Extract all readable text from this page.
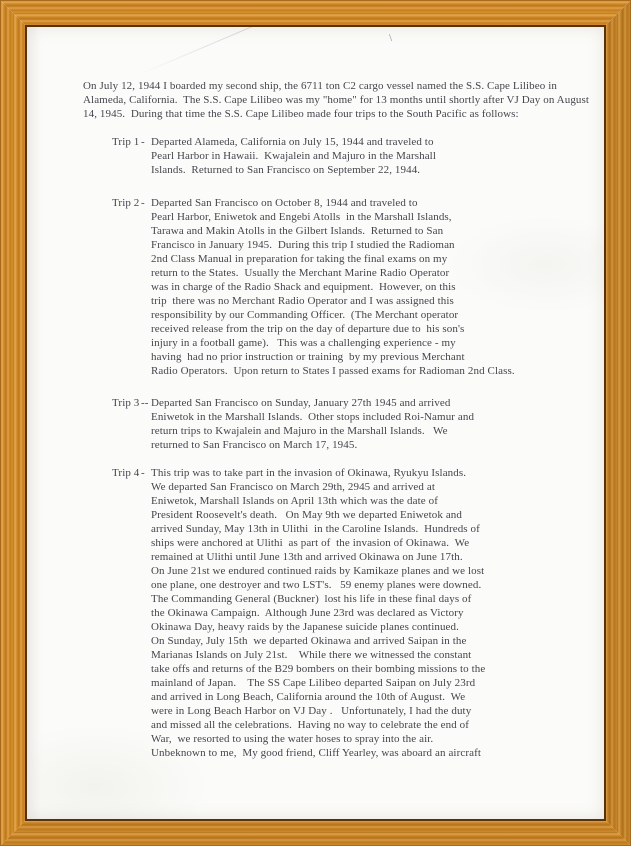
\
On July 12, 1944 I boarded my second ship, the 6711 ton C2 cargo vessel named the S.S. Cape Lilibeo in
Alameda, California.  The S.S. Cape Lilibeo was my "home" for 13 months until shortly after VJ Day on August
14, 1945.  During that time the S.S. Cape Lilibeo made four trips to the South Pacific as follows:
Trip 1 - Departed Alameda, California on July 15, 1944 and traveled to
Pearl Harbor in Hawaii.  Kwajalein and Majuro in the Marshall
Islands.  Returned to San Francisco on September 22, 1944.
Trip 2 - Departed San Francisco on October 8, 1944 and traveled to
Pearl Harbor, Eniwetok and Engebi Atolls  in the Marshall Islands,
Tarawa and Makin Atolls in the Gilbert Islands.  Returned to San
Francisco in January 1945.  During this trip I studied the Radioman
2nd Class Manual in preparation for taking the final exams on my
return to the States.  Usually the Merchant Marine Radio Operator
was in charge of the Radio Shack and equipment.  However, on this
trip  there was no Merchant Radio Operator and I was assigned this
responsibility by our Commanding Officer.  (The Merchant operator
received release from the trip on the day of departure due to  his son's
injury in a football game).   This was a challenging experience - my
having  had no prior instruction or training  by my previous Merchant
Radio Operators.  Upon return to States I passed exams for Radioman 2nd Class.
Trip 3 -- Departed San Francisco on Sunday, January 27th 1945 and arrived
Eniwetok in the Marshall Islands.  Other stops included Roi-Namur and
return trips to Kwajalein and Majuro in the Marshall Islands.   We
returned to San Francisco on March 17, 1945.
Trip 4 - This trip was to take part in the invasion of Okinawa, Ryukyu Islands.
We departed San Francisco on March 29th, 2945 and arrived at
Eniwetok, Marshall Islands on April 13th which was the date of
President Roosevelt's death.   On May 9th we departed Eniwetok and
arrived Sunday, May 13th in Ulithi  in the Caroline Islands.  Hundreds of
ships were anchored at Ulithi  as part of  the invasion of Okinawa.  We
remained at Ulithi until June 13th and arrived Okinawa on June 17th.
On June 21st we endured continued raids by Kamikaze planes and we lost
one plane, one destroyer and two LST's.   59 enemy planes were downed.
The Commanding General (Buckner)  lost his life in these final days of
the Okinawa Campaign.  Although June 23rd was declared as Victory
Okinawa Day, heavy raids by the Japanese suicide planes continued.
On Sunday, July 15th  we departed Okinawa and arrived Saipan in the
Marianas Islands on July 21st.    While there we witnessed the constant
take offs and returns of the B29 bombers on their bombing missions to the
mainland of Japan.    The SS Cape Lilibeo departed Saipan on July 23rd
and arrived in Long Beach, California around the 10th of August.  We
were in Long Beach Harbor on VJ Day .   Unfortunately, I had the duty
and missed all the celebrations.  Having no way to celebrate the end of
War,  we resorted to using the water hoses to spray into the air.
Unbeknown to me,  My good friend, Cliff Yearley, was aboard an aircraft
